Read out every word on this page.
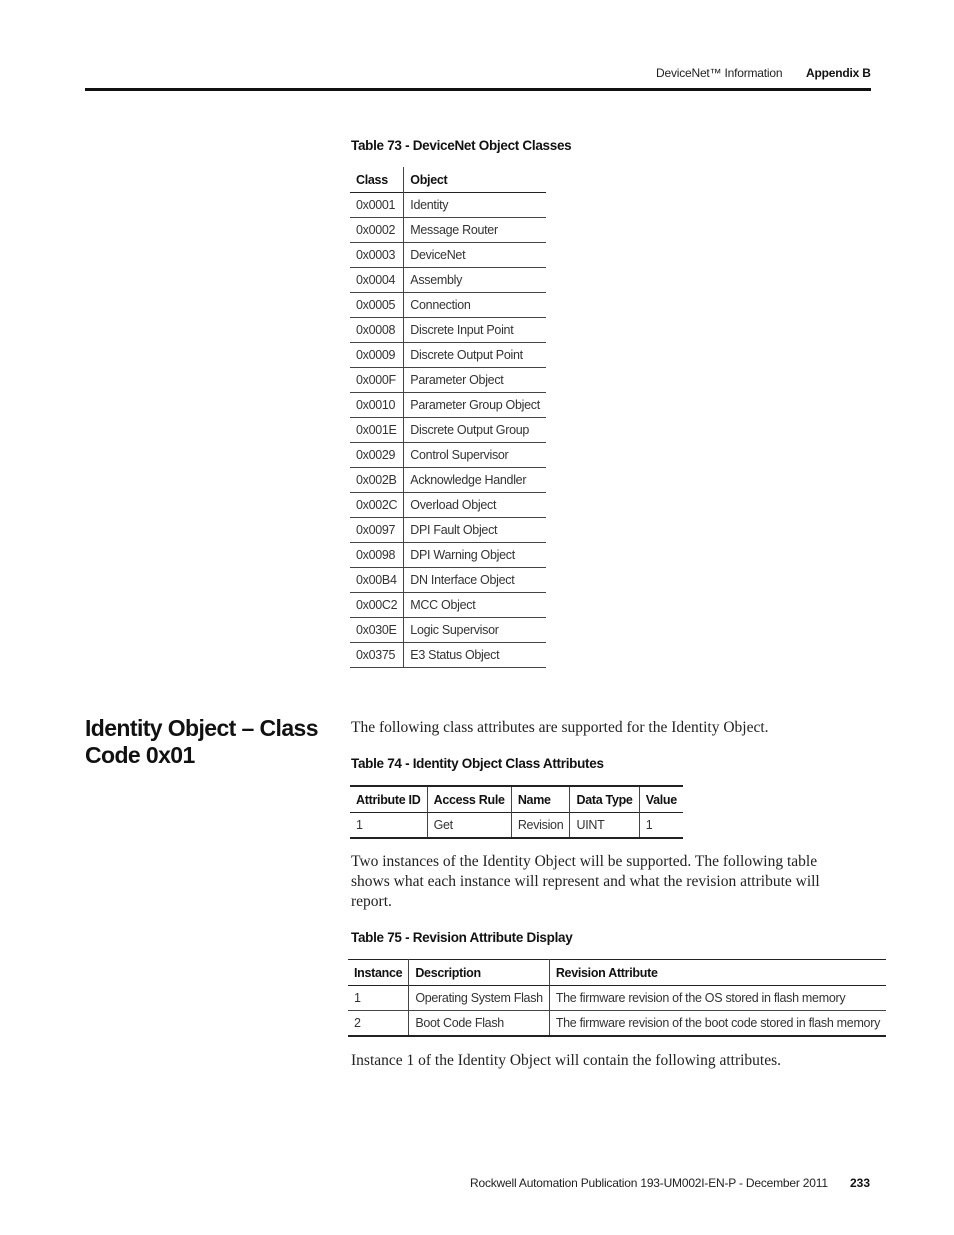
DeviceNet™ Information Appendix B
Table 73 - DeviceNet Object Classes
Class	Object
0x0001	Identity
0x0002	Message Router
0x0003	DeviceNet
0x0004	Assembly
0x0005	Connection
0x0008	Discrete Input Point
0x0009	Discrete Output Point
0x000F	Parameter Object
0x0010	Parameter Group Object
0x001E	Discrete Output Group
0x0029	Control Supervisor
0x002B	Acknowledge Handler
0x002C	Overload Object
0x0097	DPI Fault Object
0x0098	DPI Warning Object
0x00B4	DN Interface Object
0x00C2	MCC Object
0x030E	Logic Supervisor
0x0375	E3 Status Object
Identity Object – Class Code 0x01
The following class attributes are supported for the Identity Object.
Table 74 - Identity Object Class Attributes
Attribute ID	Access Rule	Name	Data Type	Value
1	Get	Revision	UINT	1
Two instances of the Identity Object will be supported. The following table shows what each instance will represent and what the revision attribute will report.
Table 75 - Revision Attribute Display
Instance	Description	Revision Attribute
1	Operating System Flash	The firmware revision of the OS stored in flash memory
2	Boot Code Flash	The firmware revision of the boot code stored in flash memory
Instance 1 of the Identity Object will contain the following attributes.
Rockwell Automation Publication 193-UM002I-EN-P - December 2011 233
